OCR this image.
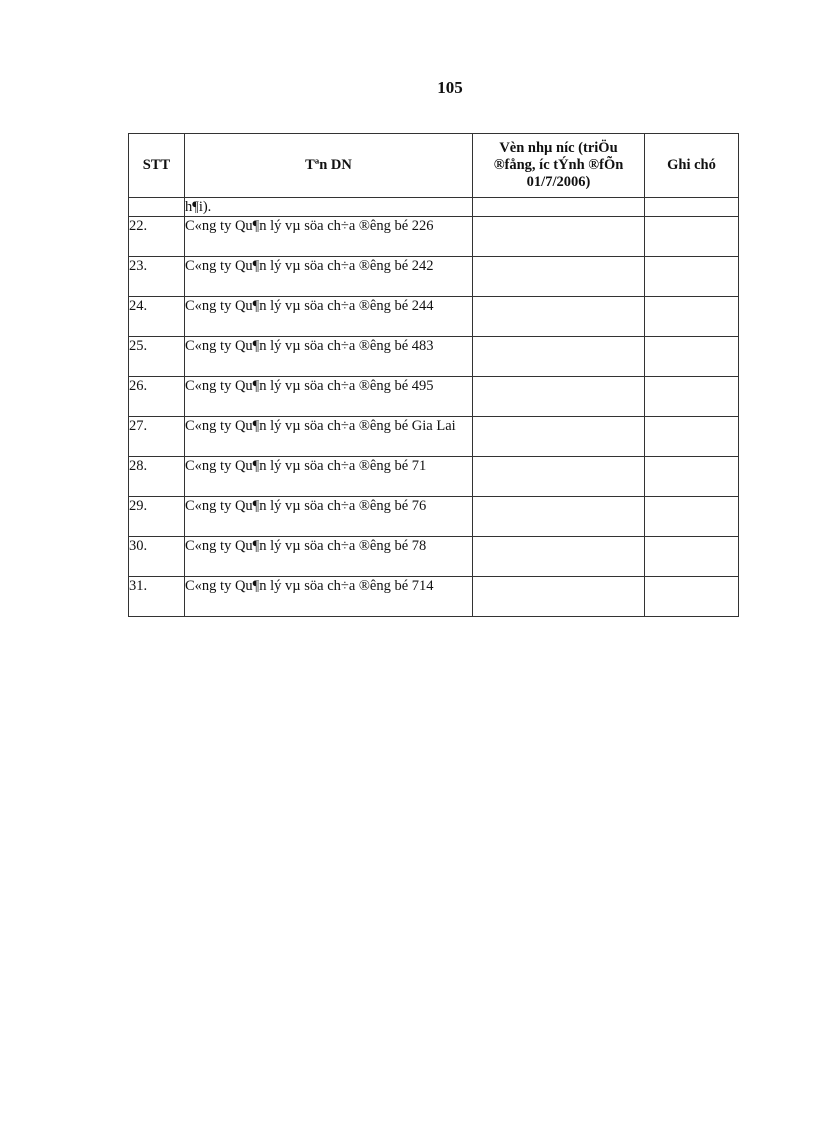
105
STT	Tªn DN	Vèn nhµ níc (triÖu ®fång, íc tÝnh ®fÕn 01/7/2006)	Ghi chó
	h¶i).		
22.	C«ng ty Qu¶n lý vµ söa ch÷a ®êng bé 226		
23.	C«ng ty Qu¶n lý vµ söa ch÷a ®êng bé 242		
24.	C«ng ty Qu¶n lý vµ söa ch÷a ®êng bé 244		
25.	C«ng ty Qu¶n lý vµ söa ch÷a ®êng bé 483		
26.	C«ng ty Qu¶n lý vµ söa ch÷a ®êng bé 495		
27.	C«ng ty Qu¶n lý vµ söa ch÷a ®êng bé Gia Lai		
28.	C«ng ty Qu¶n lý vµ söa ch÷a ®êng bé 71		
29.	C«ng ty Qu¶n lý vµ söa ch÷a ®êng bé 76		
30.	C«ng ty Qu¶n lý vµ söa ch÷a ®êng bé 78		
31.	C«ng ty Qu¶n lý vµ söa ch÷a ®êng bé 714		
